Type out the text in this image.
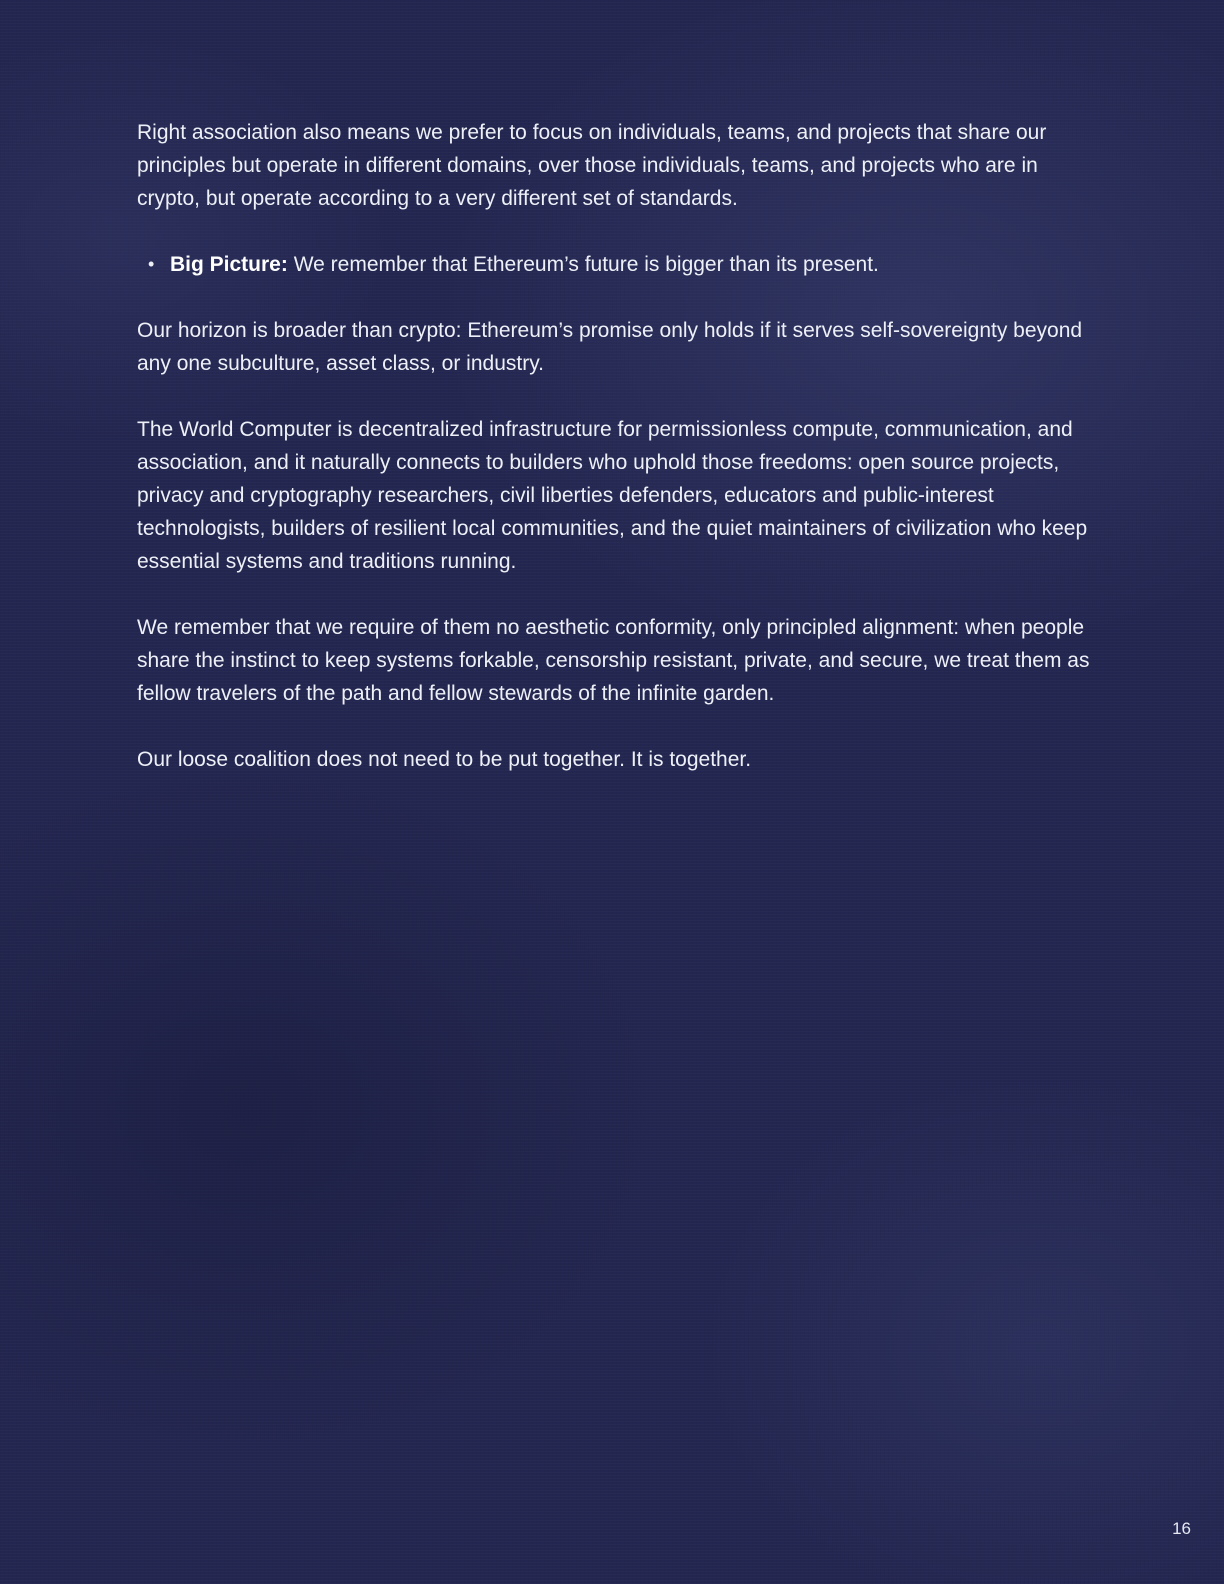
Right association also means we prefer to focus on individuals, teams, and projects that share our principles but operate in different domains, over those individuals, teams, and projects who are in crypto, but operate according to a very different set of standards.

• Big Picture: We remember that Ethereum’s future is bigger than its present.

Our horizon is broader than crypto: Ethereum’s promise only holds if it serves self-sovereignty beyond any one subculture, asset class, or industry.

The World Computer is decentralized infrastructure for permissionless compute, communication, and association, and it naturally connects to builders who uphold those freedoms: open source projects, privacy and cryptography researchers, civil liberties defenders, educators and public-interest technologists, builders of resilient local communities, and the quiet maintainers of civilization who keep essential systems and traditions running.

We remember that we require of them no aesthetic conformity, only principled alignment: when people share the instinct to keep systems forkable, censorship resistant, private, and secure, we treat them as fellow travelers of the path and fellow stewards of the infinite garden.

Our loose coalition does not need to be put together. It is together.

16
